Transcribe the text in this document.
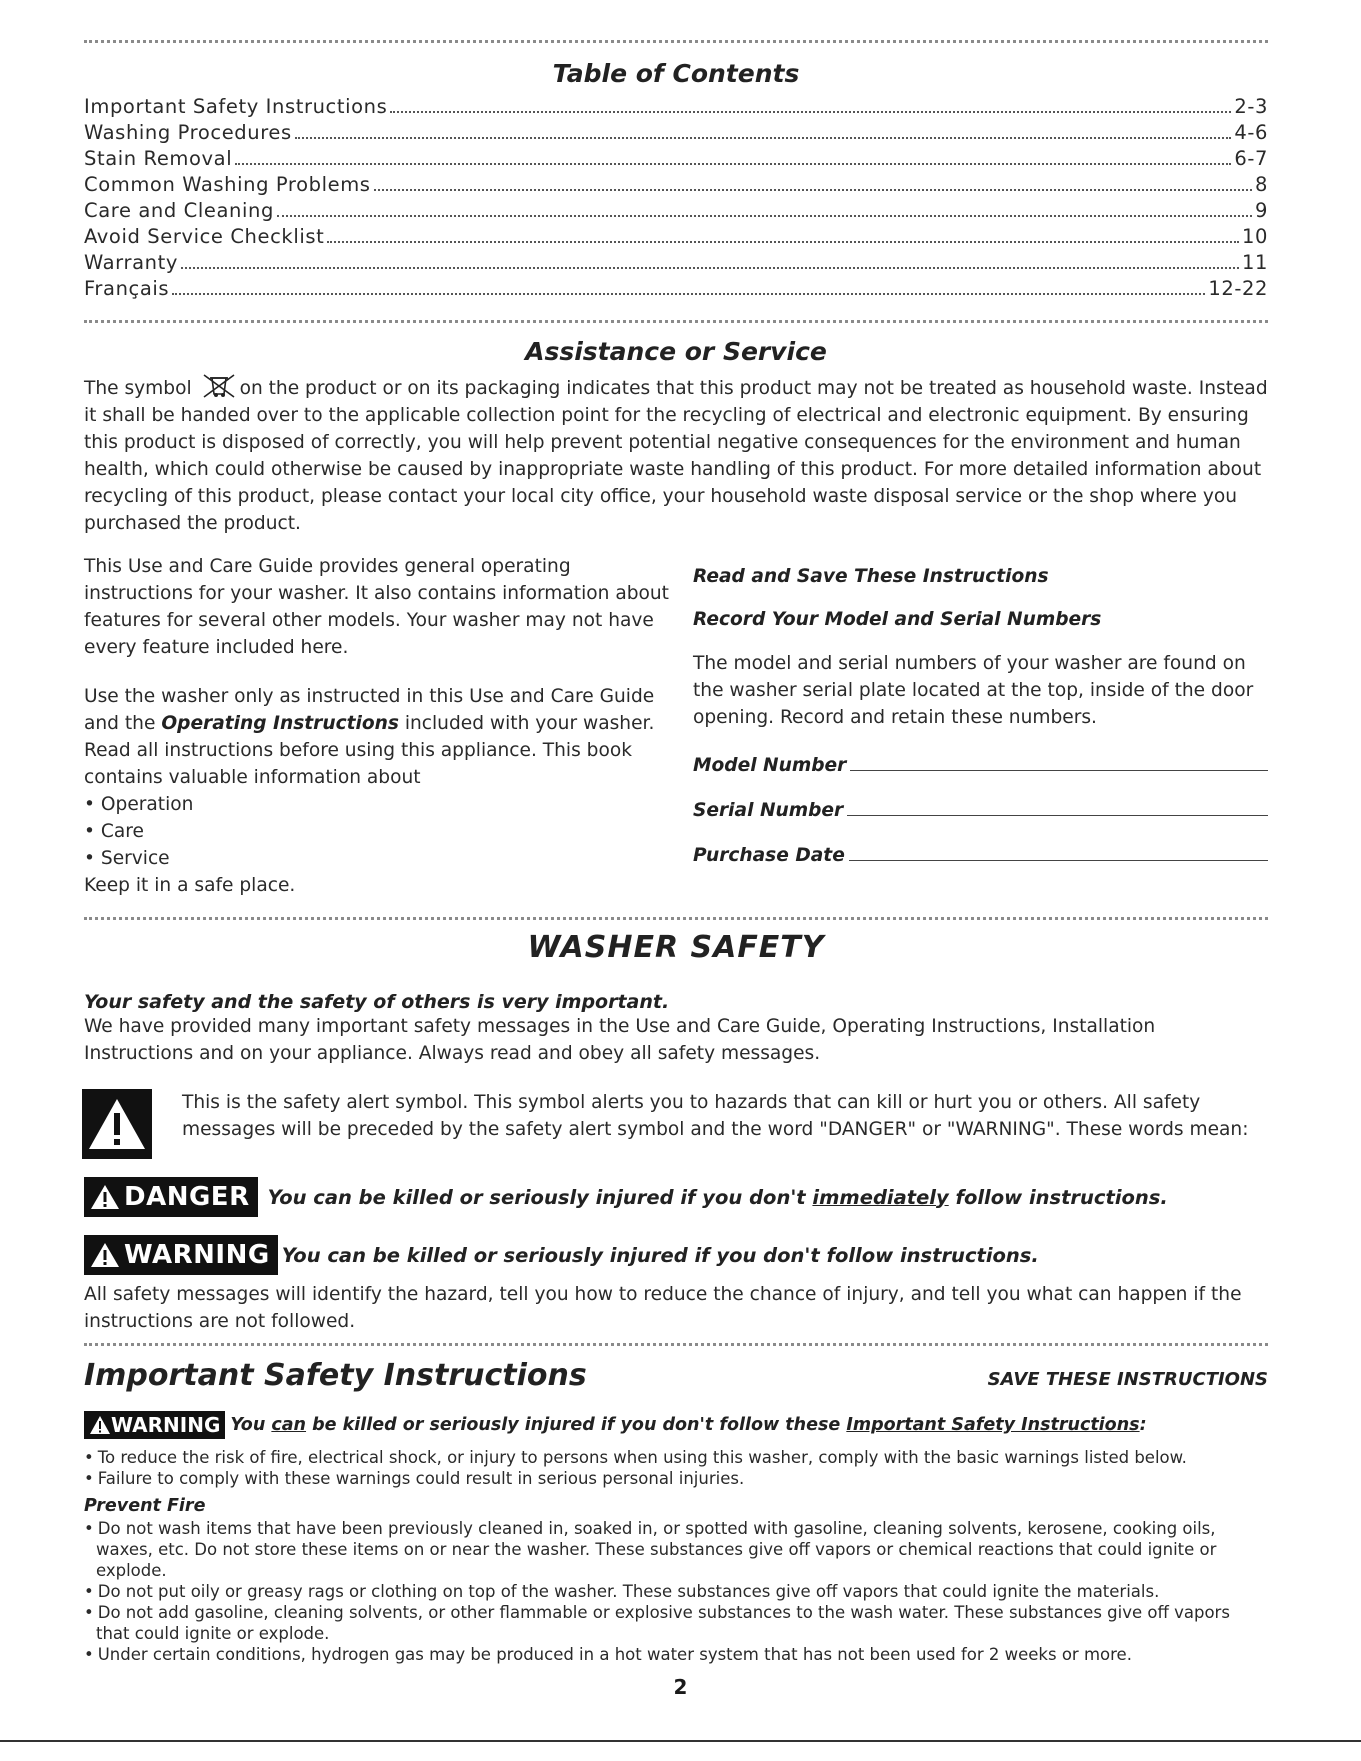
Table of Contents
Important Safety Instructions	2-3
Washing Procedures	4-6
Stain Removal	6-7
Common Washing Problems	8
Care and Cleaning	9
Avoid Service Checklist	10
Warranty	11
Français	12-22
Assistance or Service

The symbol on the product or on its packaging indicates that this product may not be treated as household waste. Instead it shall be handed over to the applicable collection point for the recycling of electrical and electronic equipment. By ensuring this product is disposed of correctly, you will help prevent potential negative consequences for the environment and human health, which could otherwise be caused by inappropriate waste handling of this product. For more detailed information about recycling of this product, please contact your local city office, your household waste disposal service or the shop where you purchased the product.

This Use and Care Guide provides general operating instructions for your washer. It also contains information about features for several other models. Your washer may not have every feature included here.

Use the washer only as instructed in this Use and Care Guide and the Operating Instructions included with your washer.

Read all instructions before using this appliance. This book contains valuable information about

• Operation
• Care
• Service

Keep it in a safe place.

Read and Save These Instructions

Record Your Model and Serial Numbers

The model and serial numbers of your washer are found on the washer serial plate located at the top, inside of the door opening. Record and retain these numbers.

Model Number
Serial Number
Purchase Date
WASHER SAFETY

Your safety and the safety of others is very important.

We have provided many important safety messages in the Use and Care Guide, Operating Instructions, Installation Instructions and on your appliance. Always read and obey all safety messages.

This is the safety alert symbol. This symbol alerts you to hazards that can kill or hurt you or others. All safety messages will be preceded by the safety alert symbol and the word "DANGER" or "WARNING". These words mean:
DANGER You can be killed or seriously injured if you don't immediately follow instructions.
WARNING You can be killed or seriously injured if you don't follow instructions.

All safety messages will identify the hazard, tell you how to reduce the chance of injury, and tell you what can happen if the instructions are not followed.

Important Safety Instructions	SAVE THESE INSTRUCTIONS
WARNING You can be killed or seriously injured if you don't follow these Important Safety Instructions:
• To reduce the risk of fire, electrical shock, or injury to persons when using this washer, comply with the basic warnings listed below.
• Failure to comply with these warnings could result in serious personal injuries.

Prevent Fire

• Do not wash items that have been previously cleaned in, soaked in, or spotted with gasoline, cleaning solvents, kerosene, cooking oils, waxes, etc. Do not store these items on or near the washer. These substances give off vapors or chemical reactions that could ignite or explode.
• Do not put oily or greasy rags or clothing on top of the washer. These substances give off vapors that could ignite the materials.
• Do not add gasoline, cleaning solvents, or other flammable or explosive substances to the wash water. These substances give off vapors that could ignite or explode.
• Under certain conditions, hydrogen gas may be produced in a hot water system that has not been used for 2 weeks or more.
2
